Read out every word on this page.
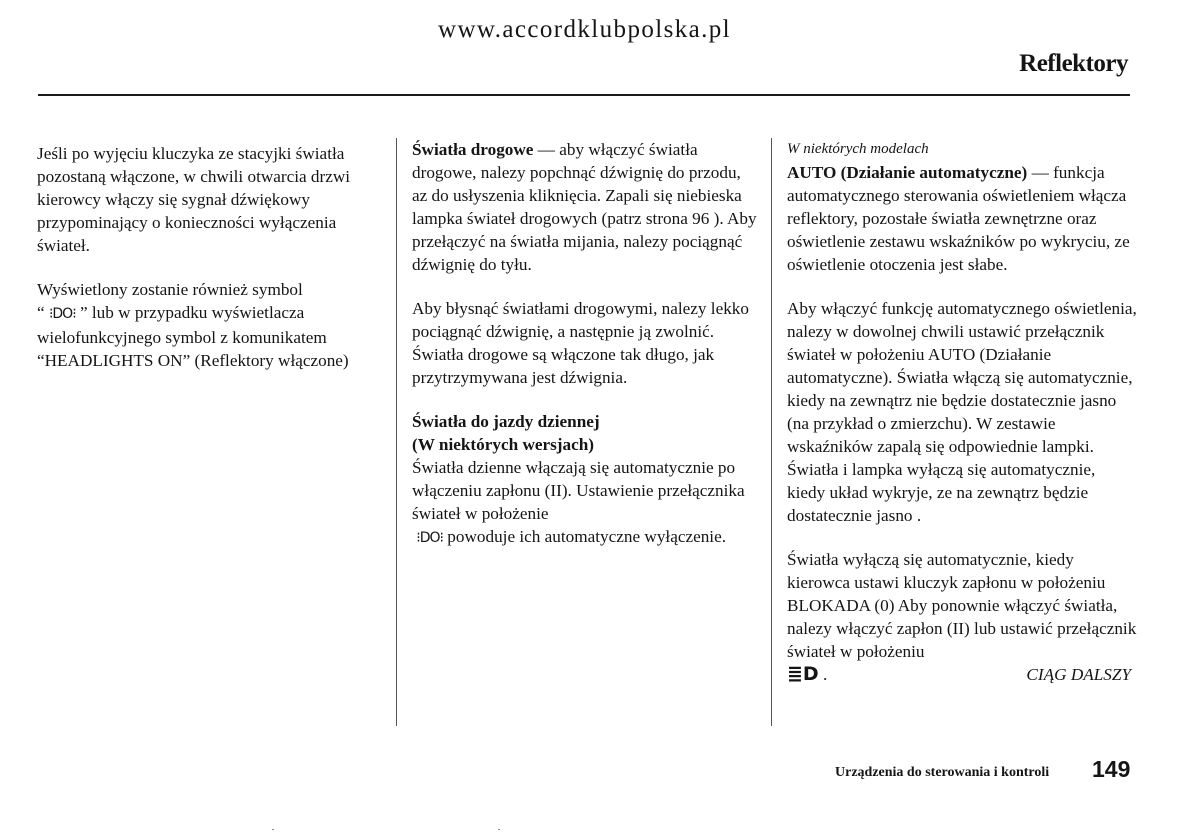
www.accordklubpolska.pl
Reflektory

Jeśli po wyjęciu kluczyka ze stacyjki światła pozostaną włączone, w chwili otwarcia drzwi kierowcy włączy się sygnał dźwiękowy przypominający o konieczności wyłączenia świateł.

Wyświetlony zostanie również symbol
“ ⁝DO⁝ ” lub w przypadku wyświetlacza wielofunkcyjnego symbol z komunikatem “HEADLIGHTS ON” (Reflektory włączone)

Światła drogowe — aby włączyć światła drogowe, nalezy popchnąć dźwignię do przodu, az do usłyszenia kliknięcia. Zapali się niebieska lampka świateł drogowych (patrz strona 96 ). Aby przełączyć na światła mijania, nalezy pociągnąć dźwignię do tyłu.

Aby błysnąć światłami drogowymi, nalezy lekko pociągnąć dźwignię, a następnie ją zwolnić. Światła drogowe są włączone tak długo, jak przytrzymywana jest dźwignia.

Światła do jazdy dziennej

(W niektórych wersjach)

Światła dzienne włączają się automatycznie po włączeniu zapłonu (II). Ustawienie przełącznika świateł w położenie
⁝DO⁝ powoduje ich automatyczne wyłączenie.

W niektórych modelach

AUTO (Działanie automatyczne) — funkcja automatycznego sterowania oświetleniem włącza reflektory, pozostałe światła zewnętrzne oraz oświetlenie zestawu wskaźników po wykryciu, ze oświetlenie otoczenia jest słabe.

Aby włączyć funkcję automatycznego oświetlenia, nalezy w dowolnej chwili ustawić przełącznik świateł w położeniu AUTO (Działanie automatyczne). Światła włączą się automatycznie, kiedy na zewnątrz nie będzie dostatecznie jasno (na przykład o zmierzchu). W zestawie wskaźników zapalą się odpowiednie lampki. Światła i lampka wyłączą się automatycznie, kiedy układ wykryje, ze na zewnątrz będzie dostatecznie jasno .

Światła wyłączą się automatycznie, kiedy kierowca ustawi kluczyk zapłonu w położeniu BLOKADA (0) Aby ponownie włączyć światła, nalezy włączyć zapłon (II) lub ustawić przełącznik świateł w położeniu

≣D .	CIĄG DALSZY
Urządzenia do sterowania i kontroli 149
